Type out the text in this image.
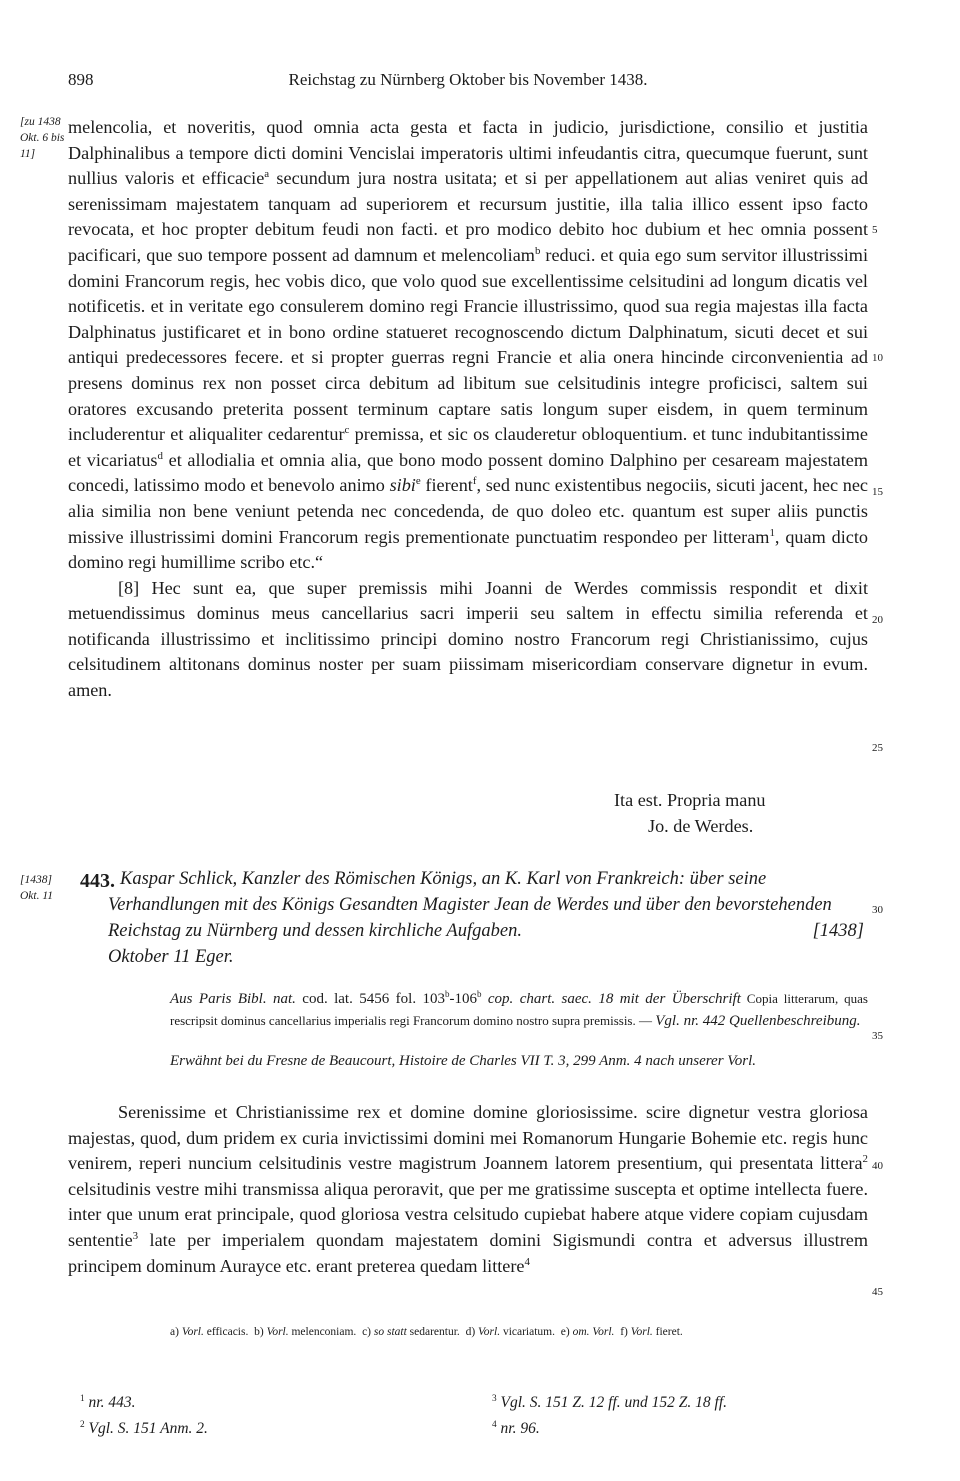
898	Reichstag zu Nürnberg Oktober bis November 1438.
[zu 1438 Okt. 6 bis 11]
[1438] Okt. 11

melencolia, et noveritis, quod omnia acta gesta et facta in judicio, jurisdictione, consilio et justitia Dalphinalibus a tempore dicti domini Vencislai imperatoris ultimi infeudantis citra, quecumque fuerunt, sunt nullius valoris et efficacie$^a$ secundum jura nostra usitata; et si per appellationem aut alias veniret quis ad serenissimam majestatem tanquam ad superiorem et recursum justitie, illa talia illico essent ipso facto revocata, et hoc propter debitum feudi non facti. et pro modico debito hoc dubium et hec omnia possent pacificari, que suo tempore possent ad damnum et melencoliam$^b$ reduci. et quia ego sum servitor illustrissimi domini Francorum regis, hec vobis dico, que volo quod sue excellentissime celsitudini ad longum dicatis vel notificetis. et in veritate ego consulerem domino regi Francie illustrissimo, quod sua regia majestas illa facta Dalphinatus justificaret et in bono ordine statueret recognoscendo dictum Dalphinatum, sicuti decet et sui antiqui predecessores fecere. et si propter guerras regni Francie et alia onera hincinde circonvenientia ad presens dominus rex non posset circa debitum ad libitum sue celsitudinis integre proficisci, saltem sui oratores excusando preterita possent terminum captare satis longum super eisdem, in quem terminum includerentur et aliqualiter cedarentur$^c$ premissa, et sic os clauderetur obloquentium. et tunc indubitantissime et vicariatus$^d$ et allodialia et omnia alia, que bono modo possent domino Dalphino per cesaream majestatem concedi, latissimo modo et benevolo animo sibi$^e$ fierent$^f$, sed nunc existentibus negociis, sicuti jacent, hec nec alia similia non bene veniunt petenda nec concedenda, de quo doleo etc. quantum est super aliis punctis missive illustrissimi domini Francorum regis prementionate punctuatim respondeo per litteram$^1$, quam dicto domino regi humillime scribo etc.“

[8] Hec sunt ea, que super premissis mihi Joanni de Werdes commissis respondit et dixit metuendissimus dominus meus cancellarius sacri imperii seu saltem in effectu similia referenda et notificanda illustrissimo et inclitissimo principi domino nostro Francorum regi Christianissimo, cujus celsitudinem altitonans dominus noster per suam piissimam misericordiam conservare dignetur in evum. amen.

Ita est. Propria manu
Jo. de Werdes.
443. Kaspar Schlick, Kanzler des Römischen Königs, an K. Karl von Frankreich: über seine Verhandlungen mit des Königs Gesandten Magister Jean de Werdes und über den bevorstehenden Reichstag zu Nürnberg und dessen kirchliche Aufgaben.	[1438]

Oktober 11 Eger.
Aus Paris Bibl. nat. cod. lat. 5456 fol. 103$^b$-106$^b$ cop. chart. saec. 18 mit der Überschrift Copia litterarum, quas rescripsit dominus cancellarius imperialis regi Francorum domino nostro supra premissis. — Vgl. nr. 442 Quellenbeschreibung.
Erwähnt bei du Fresne de Beaucourt, Histoire de Charles VII T. 3, 299 Anm. 4 nach unserer Vorl.

Serenissime et Christianissime rex et domine domine gloriosissime. scire dignetur vestra gloriosa majestas, quod, dum pridem ex curia invictissimi domini mei Romanorum Hungarie Bohemie etc. regis hunc venirem, reperi nuncium celsitudinis vestre magistrum Joannem latorem presentium, qui presentata littera$^2$ celsitudinis vestre mihi transmissa aliqua peroravit, que per me gratissime suscepta et optime intellecta fuere. inter que unum erat principale, quod gloriosa vestra celsitudo cupiebat habere atque videre copiam cujusdam sententie$^3$ late per imperialem quondam majestatem domini Sigismundi contra et adversus illustrem principem dominum Aurayce etc. erant preterea quedam littere$^4$

5
10
15
20
25
30
35
40
45
a) Vorl. efficacis. b) Vorl. melenconiam. c) so statt sedarentur. d) Vorl. vicariatum. e) om. Vorl. f) Vorl. fieret.
$^1$ nr. 443.
$^2$ Vgl. S. 151 Anm. 2.
$^3$ Vgl. S. 151 Z. 12 ff. und 152 Z. 18 ff.
$^4$ nr. 96.
